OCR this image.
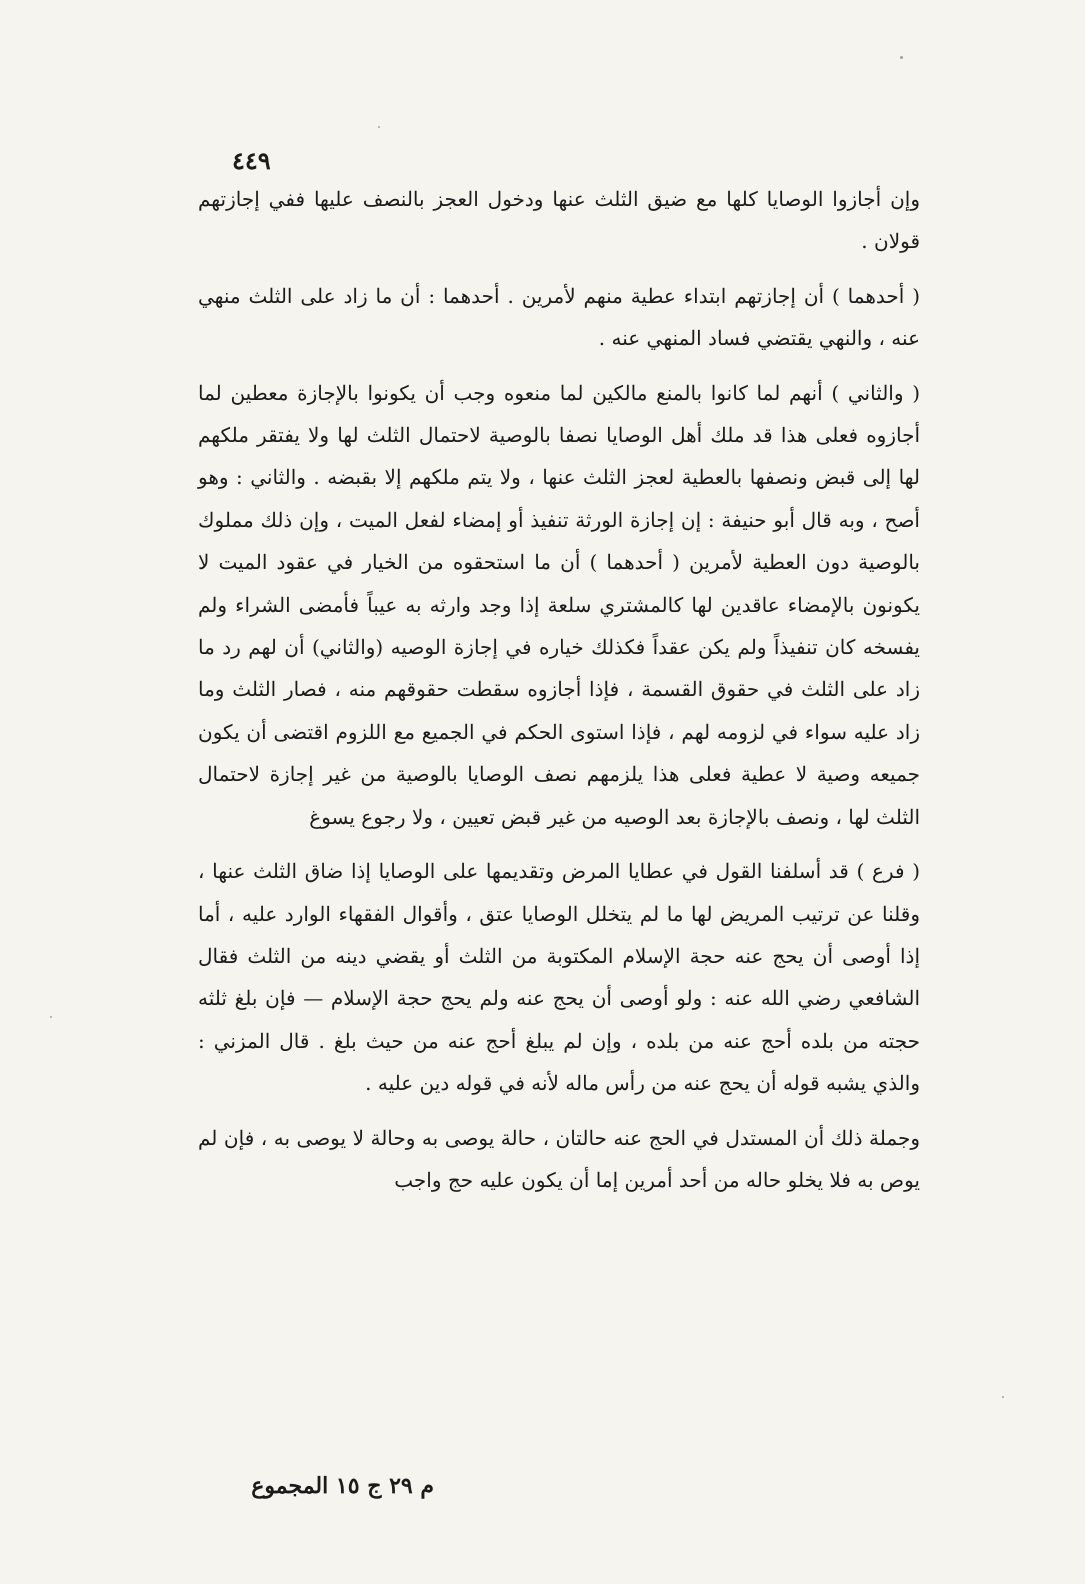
٤٤٩

وإن أجازوا الوصايا كلها مع ضيق الثلث عنها ودخول العجز بالنصف عليها ففي إجازتهم قولان .

( أحدهما ) أن إجازتهم ابتداء عطية منهم لأمرين . أحدهما : أن ما زاد على الثلث منهي عنه ، والنهي يقتضي فساد المنهي عنه .

( والثاني ) أنهم لما كانوا بالمنع مالكين لما منعوه وجب أن يكونوا بالإجازة معطين لما أجازوه فعلى هذا قد ملك أهل الوصايا نصفا بالوصية لاحتمال الثلث لها ولا يفتقر ملكهم لها إلى قبض ونصفها بالعطية لعجز الثلث عنها ، ولا يتم ملكهم إلا بقبضه . والثاني : وهو أصح ، وبه قال أبو حنيفة : إن إجازة الورثة تنفيذ أو إمضاء لفعل الميت ، وإن ذلك مملوك بالوصية دون العطية لأمرين ( أحدهما ) أن ما استحقوه من الخيار في عقود الميت لا يكونون بالإمضاء عاقدين لها كالمشتري سلعة إذا وجد وارثه به عيباً فأمضى الشراء ولم يفسخه كان تنفيذاً ولم يكن عقداً فكذلك خياره في إجازة الوصيه (والثاني) أن لهم رد ما زاد على الثلث في حقوق القسمة ، فإذا أجازوه سقطت حقوقهم منه ، فصار الثلث وما زاد عليه سواء في لزومه لهم ، فإذا استوى الحكم في الجميع مع اللزوم اقتضى أن يكون جميعه وصية لا عطية فعلى هذا يلزمهم نصف الوصايا بالوصية من غير إجازة لاحتمال الثلث لها ، ونصف بالإجازة بعد الوصيه من غير قبض تعيين ، ولا رجوع يسوغ

( فرع ) قد أسلفنا القول في عطايا المرض وتقديمها على الوصايا إذا ضاق الثلث عنها ، وقلنا عن ترتيب المريض لها ما لم يتخلل الوصايا عتق ، وأقوال الفقهاء الوارد عليه ، أما إذا أوصى أن يحج عنه حجة الإسلام المكتوبة من الثلث أو يقضي دينه من الثلث فقال الشافعي رضي الله عنه : ولو أوصى أن يحج عنه ولم يحج حجة الإسلام — فإن بلغ ثلثه حجته من بلده أحج عنه من بلده ، وإن لم يبلغ أحج عنه من حيث بلغ . قال المزني : والذي يشبه قوله أن يحج عنه من رأس ماله لأنه في قوله دين عليه .

وجملة ذلك أن المستدل في الحج عنه حالتان ، حالة يوصى به وحالة لا يوصى به ، فإن لم يوص به فلا يخلو حاله من أحد أمرين إما أن يكون عليه حج واجب

م ٢٩ ج ١٥ المجموع
